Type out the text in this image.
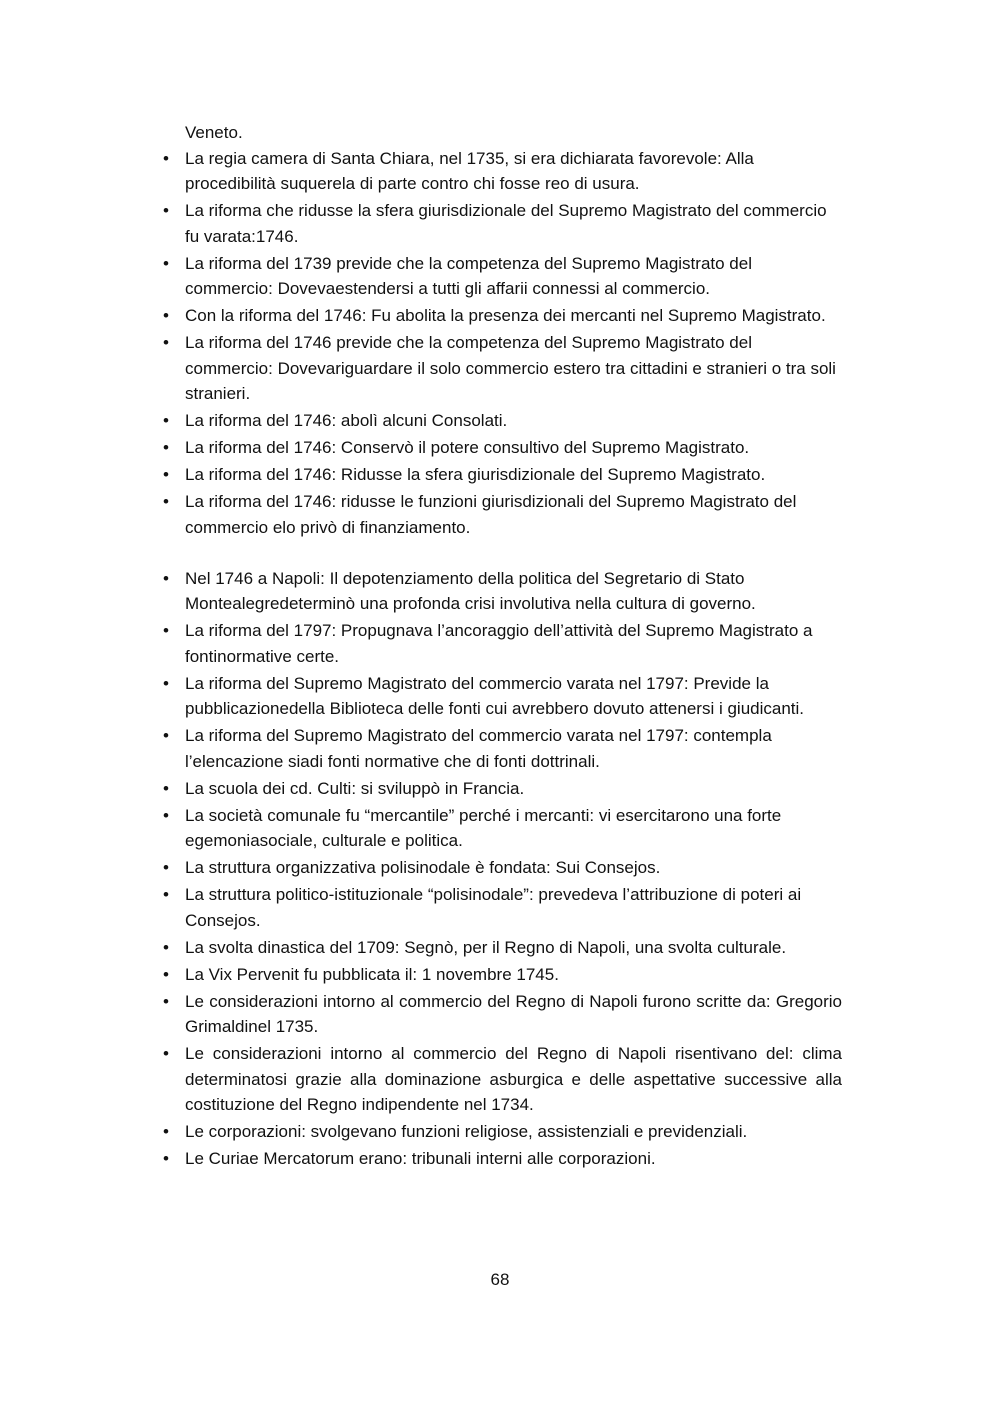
Veneto.
• La regia camera di Santa Chiara, nel 1735, si era dichiarata favorevole: Alla procedibilità suquerela di parte contro chi fosse reo di usura.
• La riforma che ridusse la sfera giurisdizionale del Supremo Magistrato del commercio fu varata:1746.
• La riforma del 1739 previde che la competenza del Supremo Magistrato del commercio: Dovevaestendersi a tutti gli affarii connessi al commercio.
• Con la riforma del 1746: Fu abolita la presenza dei mercanti nel Supremo Magistrato.
• La riforma del 1746 previde che la competenza del Supremo Magistrato del commercio: Dovevariguardare il solo commercio estero tra cittadini e stranieri o tra soli stranieri.
• La riforma del 1746: abolì alcuni Consolati.
• La riforma del 1746: Conservò il potere consultivo del Supremo Magistrato.
• La riforma del 1746: Ridusse la sfera giurisdizionale del Supremo Magistrato.
• La riforma del 1746: ridusse le funzioni giurisdizionali del Supremo Magistrato del commercio elo privò di finanziamento.
• Nel 1746 a Napoli: Il depotenziamento della politica del Segretario di Stato Montealegredeterminò una profonda crisi involutiva nella cultura di governo.
• La riforma del 1797: Propugnava l’ancoraggio dell’attività del Supremo Magistrato a fontinormative certe.
• La riforma del Supremo Magistrato del commercio varata nel 1797: Previde la pubblicazionedella Biblioteca delle fonti cui avrebbero dovuto attenersi i giudicanti.
• La riforma del Supremo Magistrato del commercio varata nel 1797: contempla l’elencazione siadi fonti normative che di fonti dottrinali.
• La scuola dei cd. Culti: si sviluppò in Francia.
• La società comunale fu “mercantile” perché i mercanti: vi esercitarono una forte egemoniasociale, culturale e politica.
• La struttura organizzativa polisinodale è fondata: Sui Consejos.
• La struttura politico-istituzionale “polisinodale”: prevedeva l’attribuzione di poteri ai Consejos.
• La svolta dinastica del 1709: Segnò, per il Regno di Napoli, una svolta culturale.
• La Vix Pervenit fu pubblicata il: 1 novembre 1745.
• Le considerazioni intorno al commercio del Regno di Napoli furono scritte da: Gregorio Grimaldinel 1735.
• Le considerazioni intorno al commercio del Regno di Napoli risentivano del: clima determinatosi grazie alla dominazione asburgica e delle aspettative successive alla costituzione del Regno indipendente nel 1734.
• Le corporazioni: svolgevano funzioni religiose, assistenziali e previdenziali.
• Le Curiae Mercatorum erano: tribunali interni alle corporazioni.
68
